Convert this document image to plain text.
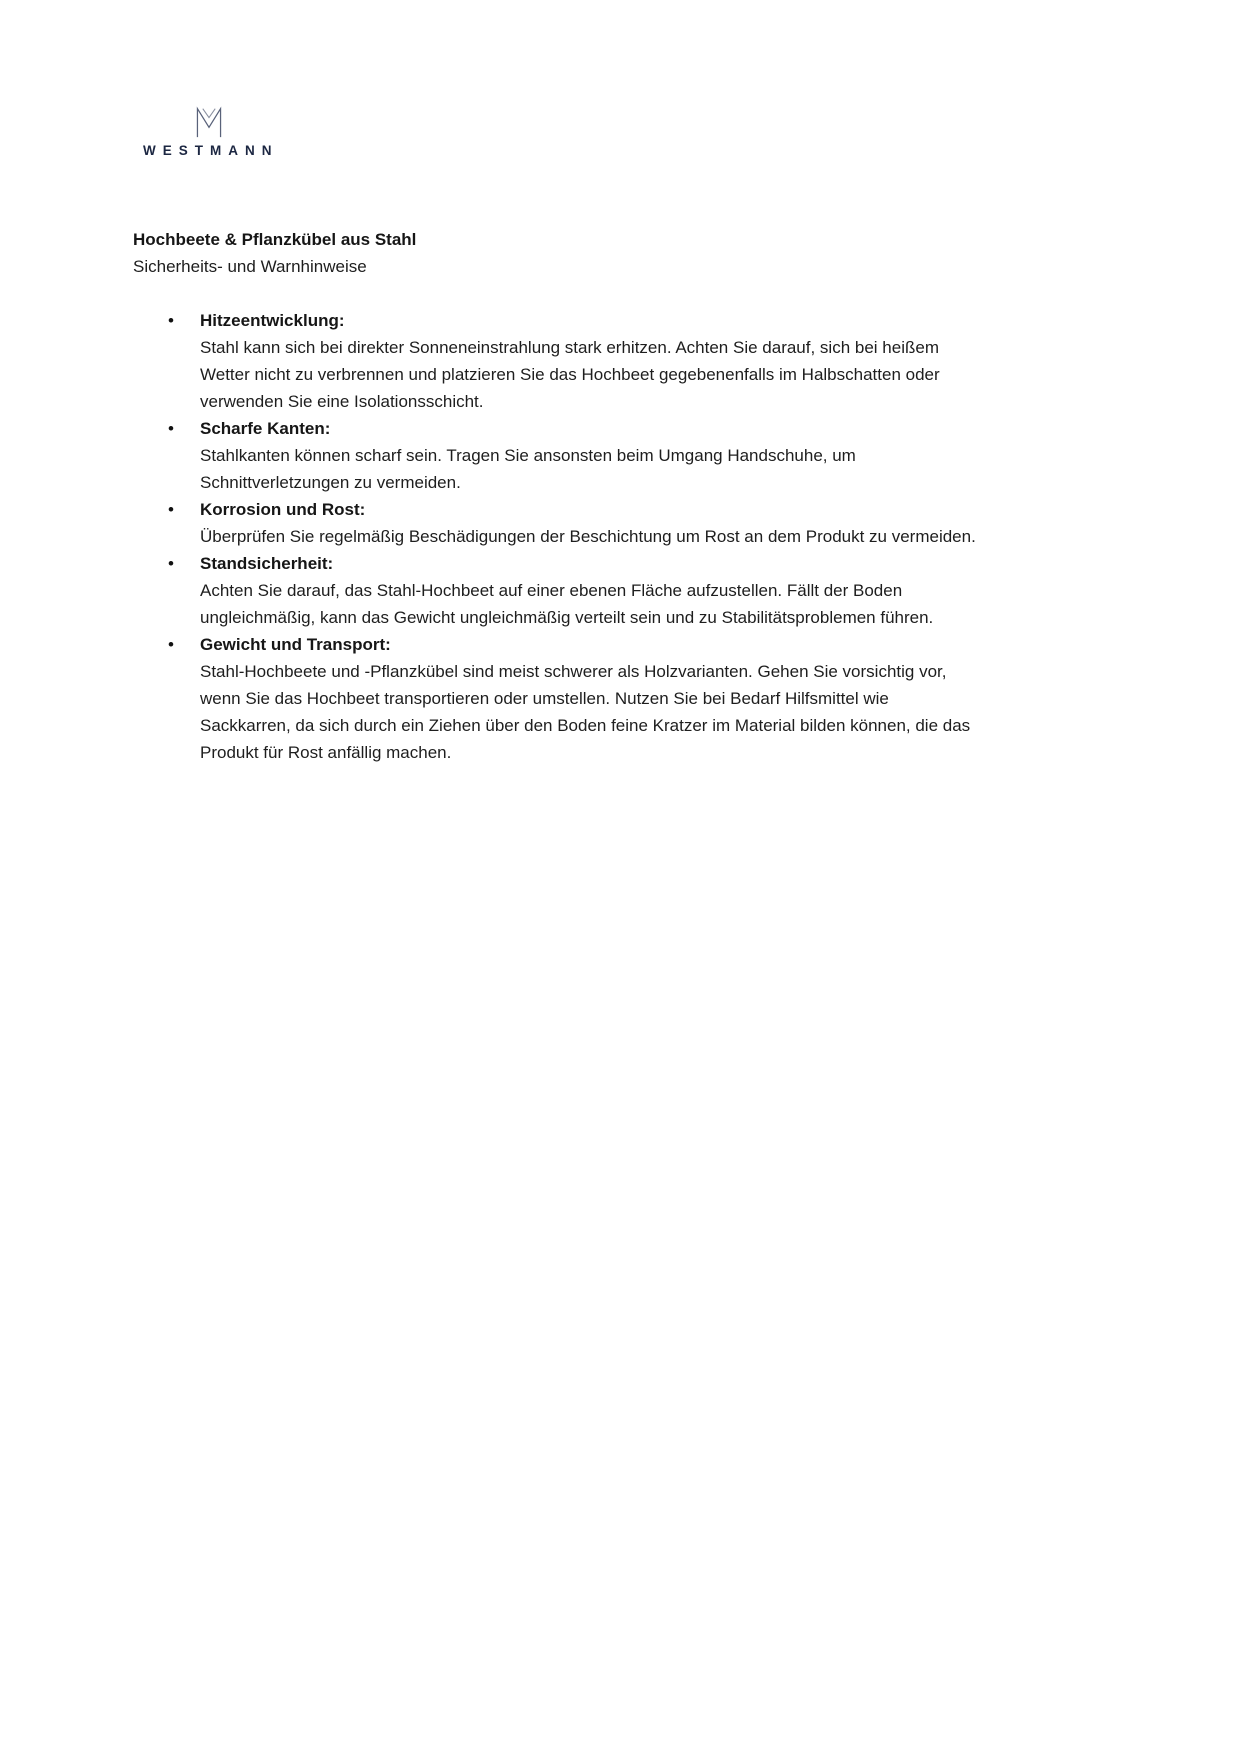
WESTMANN
Hochbeete & Pflanzkübel aus Stahl
Sicherheits- und Warnhinweise
•	Hitzeentwicklung:
Stahl kann sich bei direkter Sonneneinstrahlung stark erhitzen. Achten Sie darauf, sich bei heißem Wetter nicht zu verbrennen und platzieren Sie das Hochbeet gegebenenfalls im Halbschatten oder verwenden Sie eine Isolationsschicht.
•	Scharfe Kanten:
Stahlkanten können scharf sein. Tragen Sie ansonsten beim Umgang Handschuhe, um Schnittverletzungen zu vermeiden.
•	Korrosion und Rost:
Überprüfen Sie regelmäßig Beschädigungen der Beschichtung um Rost an dem Produkt zu vermeiden.
•	Standsicherheit:
Achten Sie darauf, das Stahl-Hochbeet auf einer ebenen Fläche aufzustellen. Fällt der Boden ungleichmäßig, kann das Gewicht ungleichmäßig verteilt sein und zu Stabilitätsproblemen führen.
•	Gewicht und Transport:
Stahl-Hochbeete und -Pflanzkübel sind meist schwerer als Holzvarianten. Gehen Sie vorsichtig vor, wenn Sie das Hochbeet transportieren oder umstellen. Nutzen Sie bei Bedarf Hilfsmittel wie Sackkarren, da sich durch ein Ziehen über den Boden feine Kratzer im Material bilden können, die das Produkt für Rost anfällig machen.
